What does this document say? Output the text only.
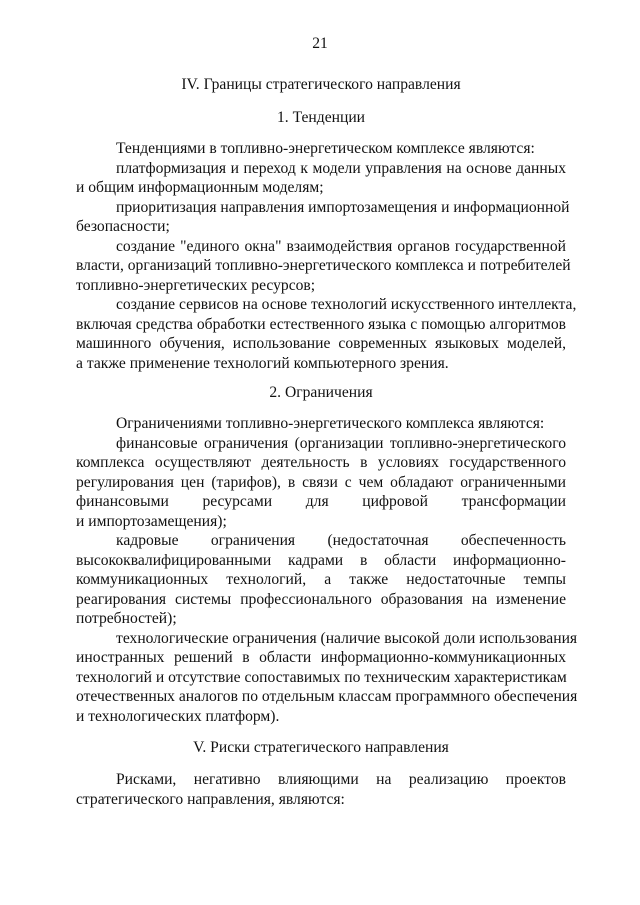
21
IV. Границы стратегического направления
1. Тенденции
Тенденциями в топливно-энергетическом комплексе являются:
платформизация и переход к модели управления на основе данных
и общим информационным моделям;
приоритизация направления импортозамещения и информационной
безопасности;
создание "единого окна" взаимодействия органов государственной
власти, организаций топливно-энергетического комплекса и потребителей
топливно-энергетических ресурсов;
создание сервисов на основе технологий искусственного интеллекта,
включая средства обработки естественного языка с помощью алгоритмов
машинного обучения, использование современных языковых моделей,
а также применение технологий компьютерного зрения.
2. Ограничения
Ограничениями топливно-энергетического комплекса являются:
финансовые ограничения (организации топливно-энергетического
комплекса осуществляют деятельность в условиях государственного
регулирования цен (тарифов), в связи с чем обладают ограниченными
финансовыми ресурсами для цифровой трансформации
и импортозамещения);
кадровые ограничения (недостаточная обеспеченность
высококвалифицированными кадрами в области информационно-
коммуникационных технологий, а также недостаточные темпы
реагирования системы профессионального образования на изменение
потребностей);
технологические ограничения (наличие высокой доли использования
иностранных решений в области информационно-коммуникационных
технологий и отсутствие сопоставимых по техническим характеристикам
отечественных аналогов по отдельным классам программного обеспечения
и технологических платформ).
V. Риски стратегического направления
Рисками, негативно влияющими на реализацию проектов
стратегического направления, являются:
